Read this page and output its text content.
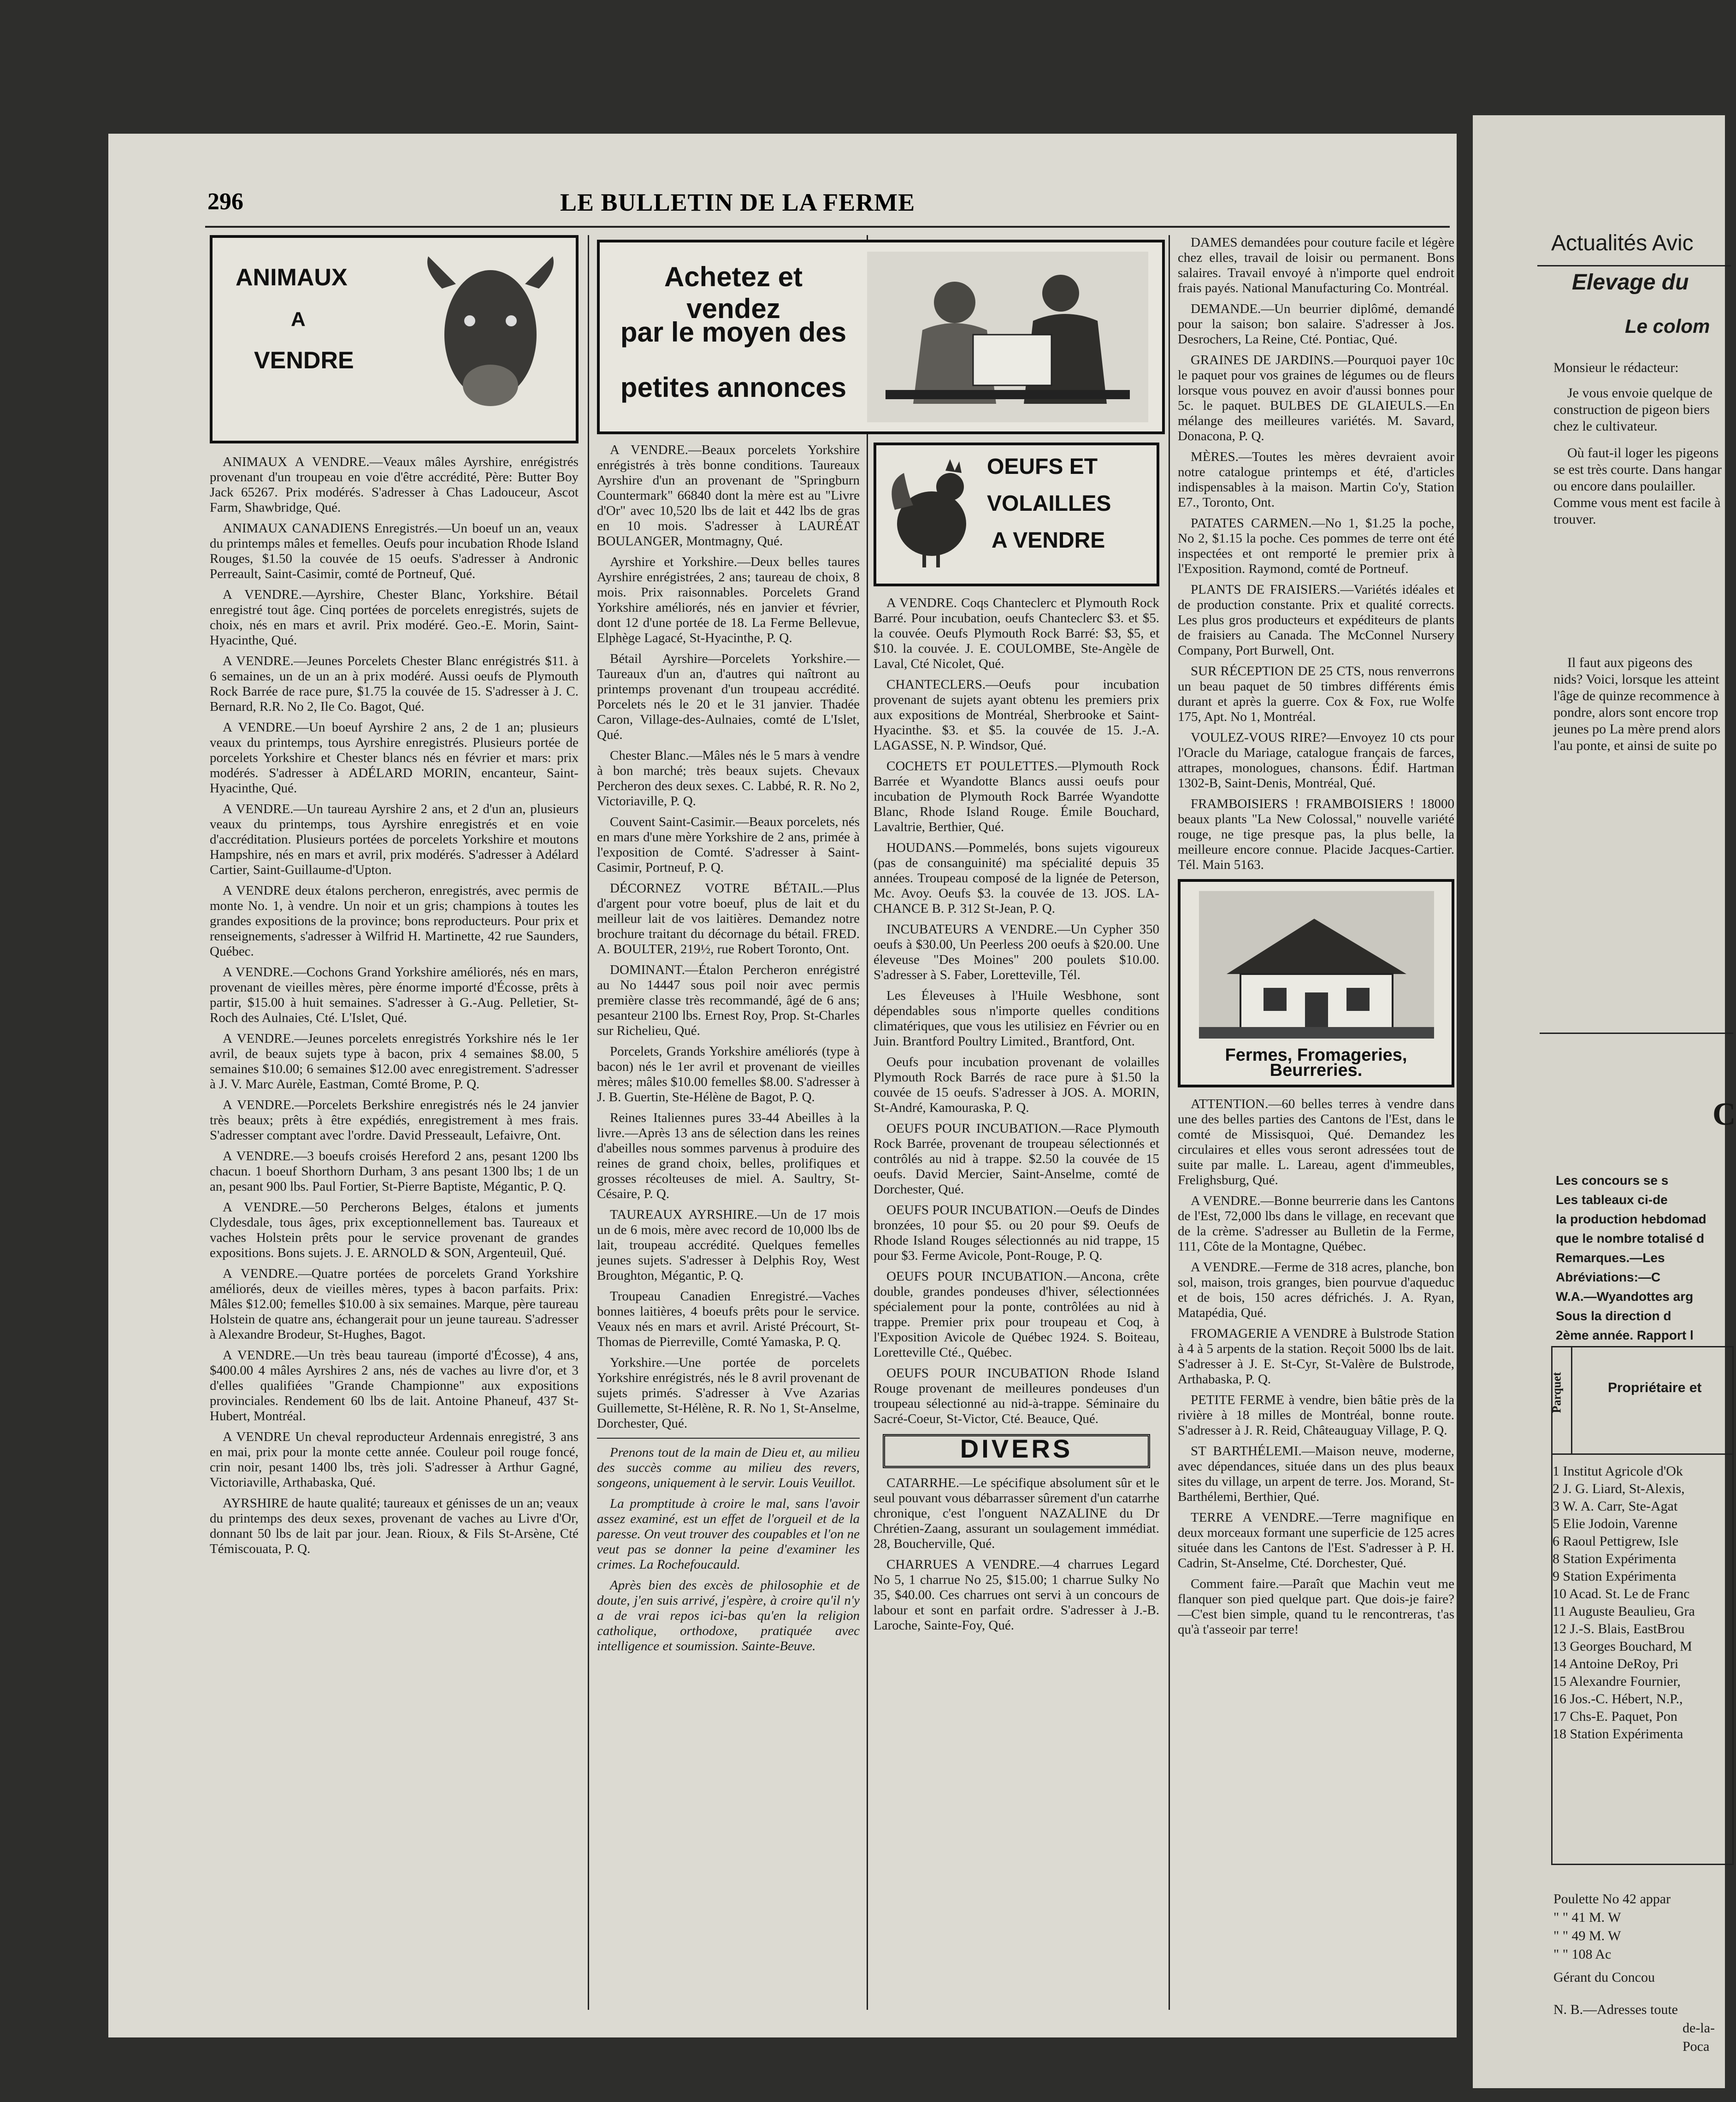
296	LE BULLETIN DE LA FERME
ANIMAUX
A
VENDRE

ANIMAUX A VENDRE.—Veaux mâles Ayrshire, enrégistrés provenant d'un troupeau en voie d'être accrédité, Père: Butter Boy Jack 65267. Prix modérés. S'adresser à Chas Ladouceur, Ascot Farm, Shawbridge, Qué.

ANIMAUX CANADIENS Enregistrés.—Un boeuf un an, veaux du printemps mâles et femelles. Oeufs pour incubation Rhode Island Rouges, $1.50 la couvée de 15 oeufs. S'adresser à Andronic Perreault, Saint-Casimir, comté de Portneuf, Qué.

A VENDRE.—Ayrshire, Chester Blanc, Yorkshire. Bétail enregistré tout âge. Cinq portées de porcelets enregistrés, sujets de choix, nés en mars et avril. Prix modéré. Geo.-E. Morin, Saint-Hyacinthe, Qué.

A VENDRE.—Jeunes Porcelets Chester Blanc enrégistrés $11. à 6 semaines, un de un an à prix modéré. Aussi oeufs de Plymouth Rock Barrée de race pure, $1.75 la couvée de 15. S'adresser à J. C. Bernard, R.R. No 2, Ile Co. Bagot, Qué.

A VENDRE.—Un boeuf Ayrshire 2 ans, 2 de 1 an; plusieurs veaux du printemps, tous Ayrshire enregistrés. Plusieurs portée de porcelets Yorkshire et Chester blancs nés en février et mars: prix modérés. S'adresser à ADÉLARD MORIN, encanteur, Saint-Hyacinthe, Qué.

A VENDRE.—Un taureau Ayrshire 2 ans, et 2 d'un an, plusieurs veaux du printemps, tous Ayrshire enregistrés et en voie d'accréditation. Plusieurs portées de porcelets Yorkshire et moutons Hampshire, nés en mars et avril, prix modérés. S'adresser à Adélard Cartier, Saint-Guillaume-d'Upton.

A VENDRE deux étalons percheron, enregistrés, avec permis de monte No. 1, à vendre. Un noir et un gris; champions à toutes les grandes expositions de la province; bons reproducteurs. Pour prix et renseignements, s'adresser à Wilfrid H. Martinette, 42 rue Saunders, Québec.

A VENDRE.—Cochons Grand Yorkshire améliorés, nés en mars, provenant de vieilles mères, père énorme importé d'Écosse, prêts à partir, $15.00 à huit semaines. S'adresser à G.-Aug. Pelletier, St-Roch des Aulnaies, Cté. L'Islet, Qué.

A VENDRE.—Jeunes porcelets enregistrés Yorkshire nés le 1er avril, de beaux sujets type à bacon, prix 4 semaines $8.00, 5 semaines $10.00; 6 semaines $12.00 avec enregistrement. S'adresser à J. V. Marc Aurèle, Eastman, Comté Brome, P. Q.

A VENDRE.—Porcelets Berkshire enregistrés nés le 24 janvier très beaux; prêts à être expédiés, enregistrement à mes frais. S'adresser comptant avec l'ordre. David Presseault, Lefaivre, Ont.

A VENDRE.—3 boeufs croisés Hereford 2 ans, pesant 1200 lbs chacun. 1 boeuf Shorthorn Durham, 3 ans pesant 1300 lbs; 1 de un an, pesant 900 lbs. Paul Fortier, St-Pierre Baptiste, Mégantic, P. Q.

A VENDRE.—50 Percherons Belges, étalons et juments Clydesdale, tous âges, prix exceptionnellement bas. Taureaux et vaches Holstein prêts pour le service provenant de grandes expositions. Bons sujets. J. E. ARNOLD & SON, Argenteuil, Qué.

A VENDRE.—Quatre portées de porcelets Grand Yorkshire améliorés, deux de vieilles mères, types à bacon parfaits. Prix: Mâles $12.00; femelles $10.00 à six semaines. Marque, père taureau Holstein de quatre ans, échangerait pour un jeune taureau. S'adresser à Alexandre Brodeur, St-Hughes, Bagot.

A VENDRE.—Un très beau taureau (importé d'Écosse), 4 ans, $400.00 4 mâles Ayrshires 2 ans, nés de vaches au livre d'or, et 3 d'elles qualifiées "Grande Championne" aux expositions provinciales. Rendement 60 lbs de lait. Antoine Phaneuf, 437 St-Hubert, Montréal.

A VENDRE Un cheval reproducteur Ardennais enregistré, 3 ans en mai, prix pour la monte cette année. Couleur poil rouge foncé, crin noir, pesant 1400 lbs, très joli. S'adresser à Arthur Gagné, Victoriaville, Arthabaska, Qué.

AYRSHIRE de haute qualité; taureaux et génisses de un an; veaux du printemps des deux sexes, provenant de vaches au Livre d'Or, donnant 50 lbs de lait par jour. Jean. Rioux, & Fils St-Arsène, Cté Témiscouata, P. Q.

Achetez et vendez
par le moyen des
petites annonces

A VENDRE.—Beaux porcelets Yorkshire enrégistrés à très bonne conditions. Taureaux Ayrshire d'un an provenant de "Springburn Countermark" 66840 dont la mère est au "Livre d'Or" avec 10,520 lbs de lait et 442 lbs de gras en 10 mois. S'adresser à LAURÉAT BOULANGER, Montmagny, Qué.

Ayrshire et Yorkshire.—Deux belles taures Ayrshire enrégistrées, 2 ans; taureau de choix, 8 mois. Prix raisonnables. Porcelets Grand Yorkshire améliorés, nés en janvier et février, dont 12 d'une portée de 18. La Ferme Bellevue, Elphège Lagacé, St-Hyacinthe, P. Q.

Bétail Ayrshire—Porcelets Yorkshire.—Taureaux d'un an, d'autres qui naîtront au printemps provenant d'un troupeau accrédité. Porcelets nés le 20 et le 31 janvier. Thadée Caron, Village-des-Aulnaies, comté de L'Islet, Qué.

Chester Blanc.—Mâles nés le 5 mars à vendre à bon marché; très beaux sujets. Chevaux Percheron des deux sexes. C. Labbé, R. R. No 2, Victoriaville, P. Q.

Couvent Saint-Casimir.—Beaux porcelets, nés en mars d'une mère Yorkshire de 2 ans, primée à l'exposition de Comté. S'adresser à Saint-Casimir, Portneuf, P. Q.

DÉCORNEZ VOTRE BÉTAIL.—Plus d'argent pour votre boeuf, plus de lait et du meilleur lait de vos laitières. Demandez notre brochure traitant du décornage du bétail. FRED. A. BOULTER, 219½, rue Robert Toronto, Ont.

DOMINANT.—Étalon Percheron enrégistré au No 14447 sous poil noir avec permis première classe très recommandé, âgé de 6 ans; pesanteur 2100 lbs. Ernest Roy, Prop. St-Charles sur Richelieu, Qué.

Porcelets, Grands Yorkshire améliorés (type à bacon) nés le 1er avril et provenant de vieilles mères; mâles $10.00 femelles $8.00. S'adresser à J. B. Guertin, Ste-Hélène de Bagot, P. Q.

Reines Italiennes pures 33-44 Abeilles à la livre.—Après 13 ans de sélection dans les reines d'abeilles nous sommes parvenus à produire des reines de grand choix, belles, prolifiques et grosses récolteuses de miel. A. Saultry, St-Césaire, P. Q.

TAUREAUX AYRSHIRE.—Un de 17 mois un de 6 mois, mère avec record de 10,000 lbs de lait, troupeau accrédité. Quelques femelles jeunes sujets. S'adresser à Delphis Roy, West Broughton, Mégantic, P. Q.

Troupeau Canadien Enregistré.—Vaches bonnes laitières, 4 boeufs prêts pour le service. Veaux nés en mars et avril. Aristé Précourt, St-Thomas de Pierreville, Comté Yamaska, P. Q.

Yorkshire.—Une portée de porcelets Yorkshire enrégistrés, nés le 8 avril provenant de sujets primés. S'adresser à Vve Azarias Guillemette, St-Hélène, R. R. No 1, St-Anselme, Dorchester, Qué.

Prenons tout de la main de Dieu et, au milieu des succès comme au milieu des revers, songeons, uniquement à le servir. Louis Veuillot.

La promptitude à croire le mal, sans l'avoir assez examiné, est un effet de l'orgueil et de la paresse. On veut trouver des coupables et l'on ne veut pas se donner la peine d'examiner les crimes. La Rochefoucauld.

Après bien des excès de philosophie et de doute, j'en suis arrivé, j'espère, à croire qu'il n'y a de vrai repos ici-bas qu'en la religion catholique, orthodoxe, pratiquée avec intelligence et soumission. Sainte-Beuve.

OEUFS ET
VOLAILLES
A VENDRE

A VENDRE. Coqs Chanteclerc et Plymouth Rock Barré. Pour incubation, oeufs Chanteclerc $3. et $5. la couvée. Oeufs Plymouth Rock Barré: $3, $5, et $10. la couvée. J. E. COULOMBE, Ste-Angèle de Laval, Cté Nicolet, Qué.

CHANTECLERS.—Oeufs pour incubation provenant de sujets ayant obtenu les premiers prix aux expositions de Montréal, Sherbrooke et Saint-Hyacinthe. $3. et $5. la couvée de 15. J.-A. LAGASSE, N. P. Windsor, Qué.

COCHETS ET POULETTES.—Plymouth Rock Barrée et Wyandotte Blancs aussi oeufs pour incubation de Plymouth Rock Barrée Wyandotte Blanc, Rhode Island Rouge. Émile Bouchard, Lavaltrie, Berthier, Qué.

HOUDANS.—Pommelés, bons sujets vigoureux (pas de consanguinité) ma spécialité depuis 35 années. Troupeau composé de la lignée de Peterson, Mc. Avoy. Oeufs $3. la couvée de 13. JOS. LA-CHANCE B. P. 312 St-Jean, P. Q.

INCUBATEURS A VENDRE.—Un Cypher 350 oeufs à $30.00, Un Peerless 200 oeufs à $20.00. Une éleveuse "Des Moines" 200 poulets $10.00. S'adresser à S. Faber, Loretteville, Tél.

Les Éleveuses à l'Huile Wesbhone, sont dépendables sous n'importe quelles conditions climatériques, que vous les utilisiez en Février ou en Juin. Brantford Poultry Limited., Brantford, Ont.

Oeufs pour incubation provenant de volailles Plymouth Rock Barrés de race pure à $1.50 la couvée de 15 oeufs. S'adresser à JOS. A. MORIN, St-André, Kamouraska, P. Q.

OEUFS POUR INCUBATION.—Race Plymouth Rock Barrée, provenant de troupeau sélectionnés et contrôlés au nid à trappe. $2.50 la couvée de 15 oeufs. David Mercier, Saint-Anselme, comté de Dorchester, Qué.

OEUFS POUR INCUBATION.—Oeufs de Dindes bronzées, 10 pour $5. ou 20 pour $9. Oeufs de Rhode Island Rouges sélectionnés au nid trappe, 15 pour $3. Ferme Avicole, Pont-Rouge, P. Q.

OEUFS POUR INCUBATION.—Ancona, crête double, grandes pondeuses d'hiver, sélectionnées spécialement pour la ponte, contrôlées au nid à trappe. Premier prix pour troupeau et Coq, à l'Exposition Avicole de Québec 1924. S. Boiteau, Loretteville Cté., Québec.

OEUFS POUR INCUBATION Rhode Island Rouge provenant de meilleures pondeuses d'un troupeau sélectionné au nid-à-trappe. Séminaire du Sacré-Coeur, St-Victor, Cté. Beauce, Qué.

DIVERS

CATARRHE.—Le spécifique absolument sûr et le seul pouvant vous débarrasser sûrement d'un catarrhe chronique, c'est l'onguent NAZALINE du Dr Chrétien-Zaang, assurant un soulagement immédiat. 28, Boucherville, Qué.

CHARRUES A VENDRE.—4 charrues Legard No 5, 1 charrue No 25, $15.00; 1 charrue Sulky No 35, $40.00. Ces charrues ont servi à un concours de labour et sont en parfait ordre. S'adresser à J.-B. Laroche, Sainte-Foy, Qué.

DAMES demandées pour couture facile et légère chez elles, travail de loisir ou permanent. Bons salaires. Travail envoyé à n'importe quel endroit frais payés. National Manufacturing Co. Montréal.

DEMANDE.—Un beurrier diplômé, demandé pour la saison; bon salaire. S'adresser à Jos. Desrochers, La Reine, Cté. Pontiac, Qué.

GRAINES DE JARDINS.—Pourquoi payer 10c le paquet pour vos graines de légumes ou de fleurs lorsque vous pouvez en avoir d'aussi bonnes pour 5c. le paquet. BULBES DE GLAIEULS.—En mélange des meilleures variétés. M. Savard, Donacona, P. Q.

MÈRES.—Toutes les mères devraient avoir notre catalogue printemps et été, d'articles indispensables à la maison. Martin Co'y, Station E7., Toronto, Ont.

PATATES CARMEN.—No 1, $1.25 la poche, No 2, $1.15 la poche. Ces pommes de terre ont été inspectées et ont remporté le premier prix à l'Exposition. Raymond, comté de Portneuf.

PLANTS DE FRAISIERS.—Variétés idéales et de production constante. Prix et qualité corrects. Les plus gros producteurs et expéditeurs de plants de fraisiers au Canada. The McConnel Nursery Company, Port Burwell, Ont.

SUR RÉCEPTION DE 25 CTS, nous renverrons un beau paquet de 50 timbres différents émis durant et après la guerre. Cox & Fox, rue Wolfe 175, Apt. No 1, Montréal.

VOULEZ-VOUS RIRE?—Envoyez 10 cts pour l'Oracle du Mariage, catalogue français de farces, attrapes, monologues, chansons. Édif. Hartman 1302-B, Saint-Denis, Montréal, Qué.

FRAMBOISIERS ! FRAMBOISIERS ! 18000 beaux plants "La New Colossal," nouvelle variété rouge, ne tige presque pas, la plus belle, la meilleure encore connue. Placide Jacques-Cartier. Tél. Main 5163.

Fermes, Fromageries, Beurreries.

ATTENTION.—60 belles terres à vendre dans une des belles parties des Cantons de l'Est, dans le comté de Missisquoi, Qué. Demandez les circulaires et elles vous seront adressées tout de suite par malle. L. Lareau, agent d'immeubles, Frelighsburg, Qué.

A VENDRE.—Bonne beurrerie dans les Cantons de l'Est, 72,000 lbs dans le village, en recevant que de la crème. S'adresser au Bulletin de la Ferme, 111, Côte de la Montagne, Québec.

A VENDRE.—Ferme de 318 acres, planche, bon sol, maison, trois granges, bien pourvue d'aqueduc et de bois, 150 acres défrichés. J. A. Ryan, Matapédia, Qué.

FROMAGERIE A VENDRE à Bulstrode Station à 4 à 5 arpents de la station. Reçoit 5000 lbs de lait. S'adresser à J. E. St-Cyr, St-Valère de Bulstrode, Arthabaska, P. Q.

PETITE FERME à vendre, bien bâtie près de la rivière à 18 milles de Montréal, bonne route. S'adresser à J. R. Reid, Châteauguay Village, P. Q.

ST BARTHÉLEMI.—Maison neuve, moderne, avec dépendances, située dans un des plus beaux sites du village, un arpent de terre. Jos. Morand, St-Barthélemi, Berthier, Qué.

TERRE A VENDRE.—Terre magnifique en deux morceaux formant une superficie de 125 acres située dans les Cantons de l'Est. S'adresser à P. H. Cadrin, St-Anselme, Cté. Dorchester, Qué.

Comment faire.—Paraît que Machin veut me flanquer son pied quelque part. Que dois-je faire? —C'est bien simple, quand tu le rencontreras, t'as qu'à t'asseoir par terre!

Actualités Avic
Elevage du
Le colom
Monsieur le rédacteur:
Je vous envoie quelque de construction de pigeon biers chez le cultivateur.
Où faut-il loger les pigeons se est très courte. Dans hangar ou encore dans poulailler. Comme vous ment est facile à trouver.
Il faut aux pigeons des nids? Voici, lorsque les atteint l'âge de quinze recommence à pondre, alors sont encore trop jeunes po La mère prend alors l'au ponte, et ainsi de suite po
C
Les concours se s
Les tableaux ci-de
la production hebdomad
que le nombre totalisé d
Remarques.—Les
Abréviations:—C
W.A.—Wyandottes arg
Sous la direction d
2ème année. Rapport l
Parquet	Propriétaire et
1 Institut Agricole d'Ok
2 J. G. Liard, St-Alexis,
3 W. A. Carr, Ste-Agat
5 Elie Jodoin, Varenne
6 Raoul Pettigrew, Isle
8 Station Expérimenta
9 Station Expérimenta
10 Acad. St. Le de Franc
11 Auguste Beaulieu, Gra
12 J.-S. Blais, EastBrou
13 Georges Bouchard, M
14 Antoine DeRoy, Pri
15 Alexandre Fournier,
16 Jos.-C. Hébert, N.P.,
17 Chs-E. Paquet, Pon
18 Station Expérimenta
Poulette No 42 appar
" " 41 M. W
" " 49 M. W
" " 108 Ac
Gérant du Concou
N. B.—Adresses toute
de-la-Poca
